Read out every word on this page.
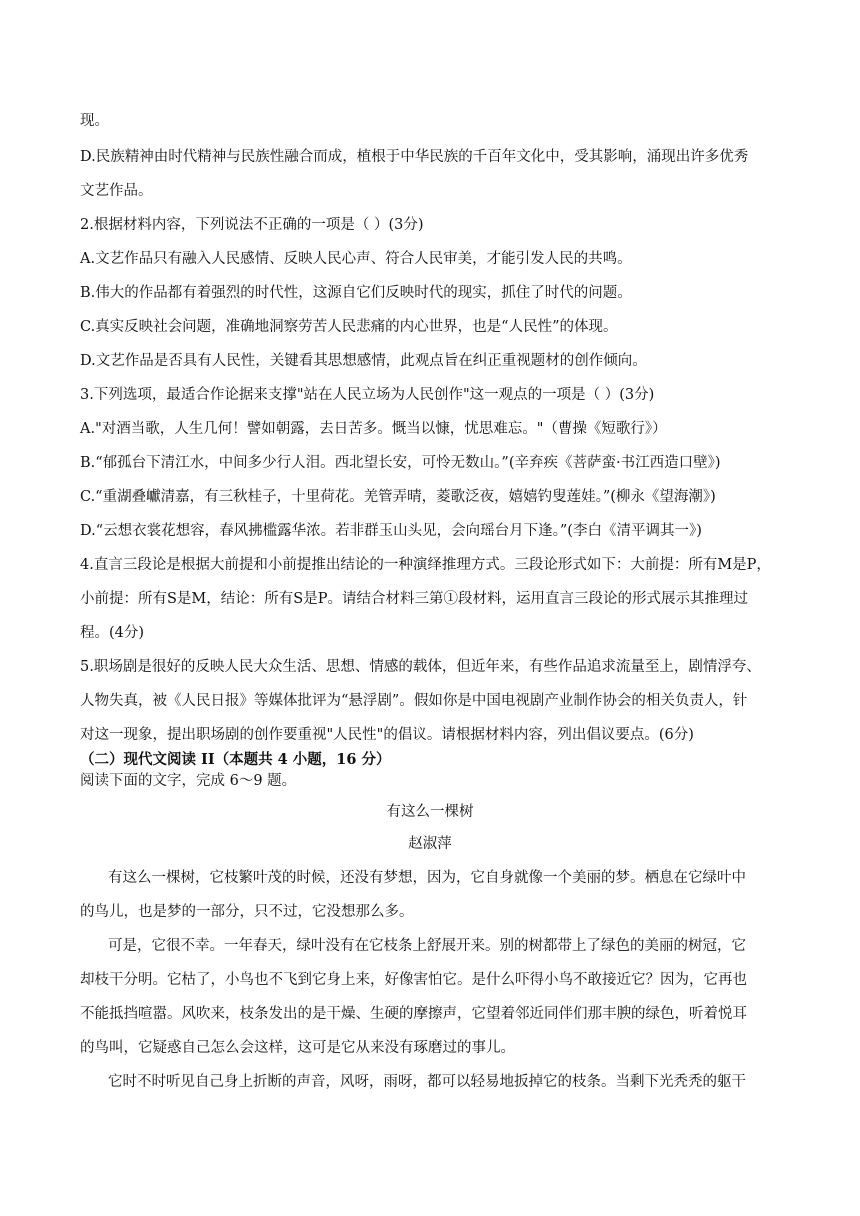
现。
D.民族精神由时代精神与民族性融合而成，植根于中华民族的千百年文化中，受其影响，涌现出许多优秀
文艺作品。
2.根据材料内容，下列说法不正确的一项是（ ）(3分)
A.文艺作品只有融入人民感情、反映人民心声、符合人民审美，才能引发人民的共鸣。
B.伟大的作品都有着强烈的时代性，这源自它们反映时代的现实，抓住了时代的问题。
C.真实反映社会问题，准确地洞察劳苦人民悲痛的内心世界，也是“人民性”的体现。
D.文艺作品是否具有人民性，关键看其思想感情，此观点旨在纠正重视题材的创作倾向。
3.下列选项，最适合作论据来支撑"站在人民立场为人民创作"这一观点的一项是（ ）(3分)
A."对酒当歌，人生几何！譬如朝露，去日苦多。慨当以慷，忧思难忘。"（曹操《短歌行》）
B.“郁孤台下清江水，中间多少行人泪。西北望长安，可怜无数山。”(辛弃疾《菩萨蛮·书江西造口壁》)
C.“重湖叠巘清嘉，有三秋桂子，十里荷花。羌管弄晴，菱歌泛夜，嬉嬉钓叟莲娃。”(柳永《望海潮》)
D.“云想衣裳花想容，春风拂槛露华浓。若非群玉山头见，会向瑶台月下逢。”(李白《清平调其一》)
4.直言三段论是根据大前提和小前提推出结论的一种演绎推理方式。三段论形式如下：大前提：所有M是P，
小前提：所有S是M，结论：所有S是P。请结合材料三第①段材料，运用直言三段论的形式展示其推理过
程。(4分)
5.职场剧是很好的反映人民大众生活、思想、情感的载体，但近年来，有些作品追求流量至上，剧情浮夸、
人物失真，被《人民日报》等媒体批评为“悬浮剧”。假如你是中国电视剧产业制作协会的相关负责人，针
对这一现象，提出职场剧的创作要重视"人民性"的倡议。请根据材料内容，列出倡议要点。(6分)
（二）现代文阅读 II（本题共 4 小题，16 分）
阅读下面的文字，完成 6～9 题。
有这么一棵树
赵淑萍
有这么一棵树，它枝繁叶茂的时候，还没有梦想，因为，它自身就像一个美丽的梦。栖息在它绿叶中
的鸟儿，也是梦的一部分，只不过，它没想那么多。
可是，它很不幸。一年春天，绿叶没有在它枝条上舒展开来。别的树都带上了绿色的美丽的树冠，它
却枝干分明。它枯了，小鸟也不飞到它身上来，好像害怕它。是什么吓得小鸟不敢接近它？因为，它再也
不能抵挡喧嚣。风吹来，枝条发出的是干燥、生硬的摩擦声，它望着邻近同伴们那丰腴的绿色，听着悦耳
的鸟叫，它疑惑自己怎么会这样，这可是它从来没有琢磨过的事儿。
它时不时听见自己身上折断的声音，风呀，雨呀，都可以轻易地扳掉它的枝条。当剩下光秃秃的躯干
